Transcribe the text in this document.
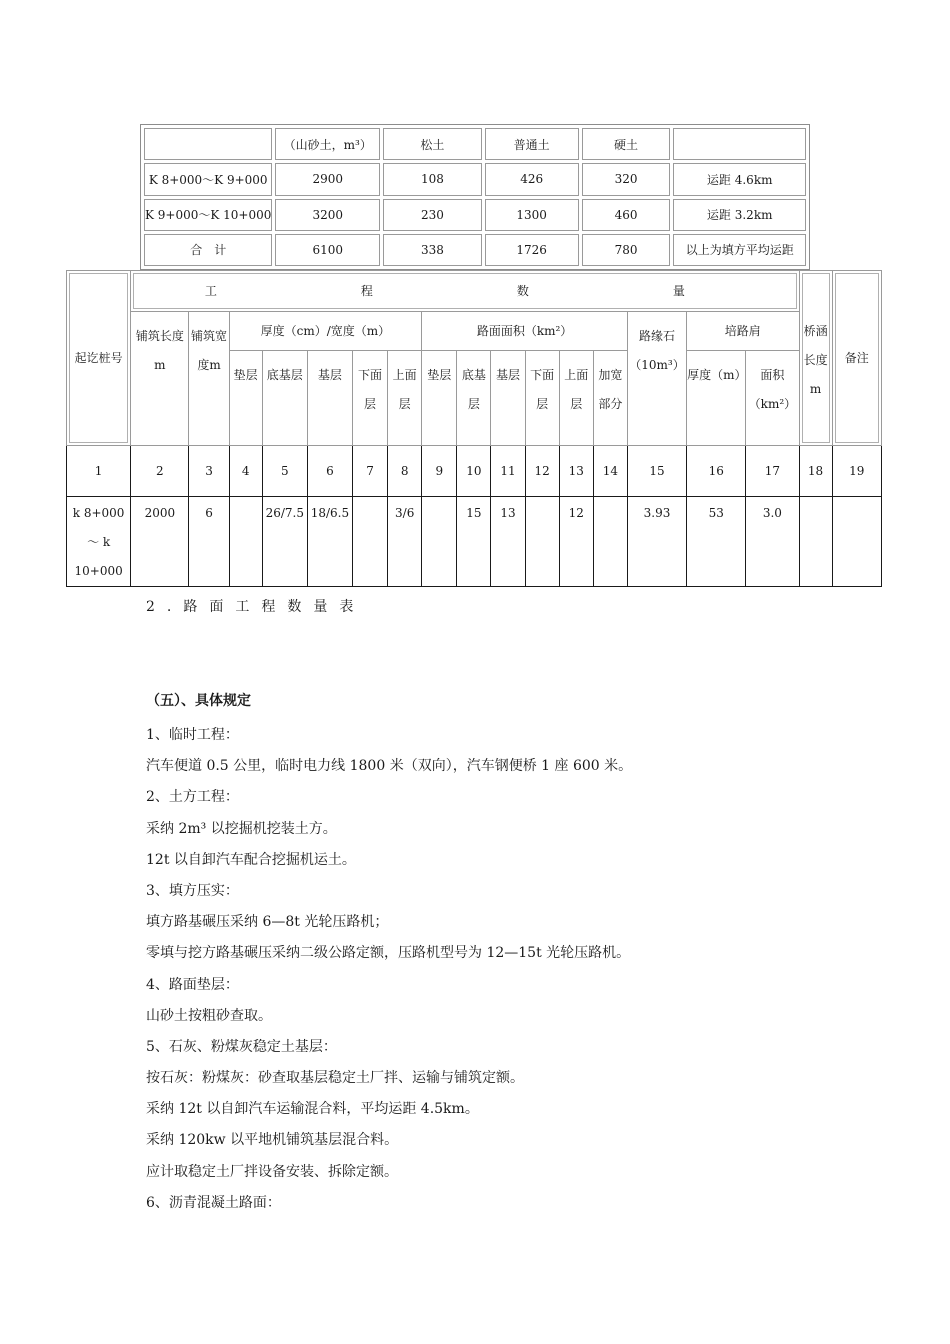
	（山砂土，m³）	松土	普通土	硬土	
K 8+000～K 9+000	2900	108	426	320	运距 4.6km
K 9+000～K 10+000	3200	230	1300	460	运距 3.2km
合　计	6100	338	1726	780	以上为填方平均运距
起讫桩号	工　　程　　数　　量																桥涵长度m	备注
	铺筑长度m	铺筑宽度m	厚度（cm）/宽度（m）					路面面积（km²）						路缘石（10m³）	培路肩			
			垫层	底基层	基层	下面层	上面层	垫层	底基层	基层	下面层	上面层	加宽部分		厚度（m）	面积（km²）		
1	2	3	4	5	6	7	8	9	10	11	12	13	14	15	16	17	18	19
k 8+000 ～ k 10+000	2000	6		26/7.5	18/6.5		3/6		15	13		12		3.93	53	3.0		
2.路面工程数量表
（五）、具体规定
1、临时工程：
汽车便道 0.5 公里，临时电力线 1800 米（双向），汽车钢便桥 1 座 600 米。
2、土方工程：
采纳 2m³ 以挖掘机挖装土方。
12t 以自卸汽车配合挖掘机运土。
3、填方压实：
填方路基碾压采纳 6—8t 光轮压路机；
零填与挖方路基碾压采纳二级公路定额，压路机型号为 12—15t 光轮压路机。
4、路面垫层：
山砂土按粗砂查取。
5、石灰、粉煤灰稳定土基层：
按石灰：粉煤灰：砂查取基层稳定土厂拌、运输与铺筑定额。
采纳 12t 以自卸汽车运输混合料，平均运距 4.5km。
采纳 120kw 以平地机铺筑基层混合料。
应计取稳定土厂拌设备安装、拆除定额。
6、沥青混凝土路面：
